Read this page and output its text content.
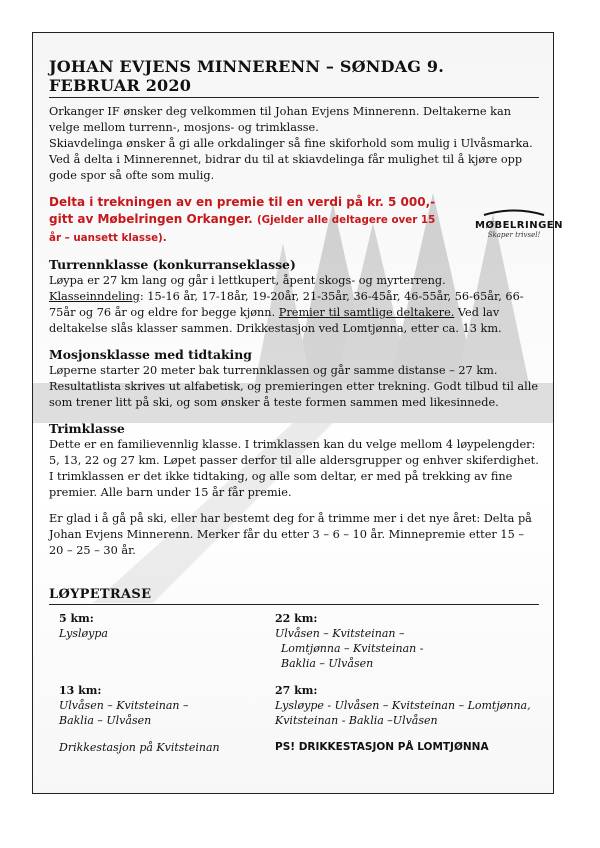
JOHAN EVJENS MINNERENN – SØNDAG 9. FEBRUAR 2020

Orkanger IF ønsker deg velkommen til Johan Evjens Minnerenn. Deltakerne kan velge mellom turrenn-, mosjons- og trimklasse.

Skiavdelinga ønsker å gi alle orkdalinger så fine skiforhold som mulig i Ulvåsmarka. Ved å delta i Minnerennet, bidrar du til at skiavdelinga får mulighet til å kjøre opp gode spor så ofte som mulig.

Delta i trekningen av en premie til en verdi på kr. 5 000,- gitt av Møbelringen Orkanger. (Gjelder alle deltagere over 15 år – uansett klasse).

Turrennklasse (konkurranseklasse)

Løypa er 27 km lang og går i lettkupert, åpent skogs- og myrterreng.

Klasseinndeling: 15-16 år, 17-18år, 19-20år, 21-35år, 36-45år, 46-55år, 56-65år, 66-75år og 76 år og eldre for begge kjønn. Premier til samtlige deltakere. Ved lav deltakelse slås klasser sammen. Drikkestasjon ved Lomtjønna, etter ca. 13 km.

Mosjonsklasse med tidtaking

Løperne starter 20 meter bak turrennklassen og går samme distanse – 27 km. Resultatlista skrives ut alfabetisk, og premieringen etter trekning. Godt tilbud til alle som trener litt på ski, og som ønsker å teste formen sammen med likesinnede.

Trimklasse

Dette er en familievennlig klasse. I trimklassen kan du velge mellom 4 løypelengder: 5, 13, 22 og 27 km. Løpet passer derfor til alle aldersgrupper og enhver skiferdighet. I trimklassen er det ikke tidtaking, og alle som deltar, er med på trekking av fine premier. Alle barn under 15 år får premie.

Er glad i å gå på ski, eller har bestemt deg for å trimme mer i det nye året: Delta på Johan Evjens Minnerenn. Merker får du etter 3 – 6 – 10 år. Minnepremie etter 15 – 20 – 25 – 30 år.

LØYPETRASE
5 km:
Lysløypa
22 km:
Ulvåsen – Kvitsteinan –
Lomtjønna – Kvitsteinan -
Baklia – Ulvåsen
13 km:
Ulvåsen – Kvitsteinan –
Baklia – Ulvåsen
27 km:
Lysløype - Ulvåsen – Kvitsteinan – Lomtjønna,
Kvitsteinan - Baklia –Ulvåsen
Drikkestasjon på Kvitsteinan	PS! DRIKKESTASJON PÅ LOMTJØNNA
MØBELRINGEN
Skaper trivsel!
